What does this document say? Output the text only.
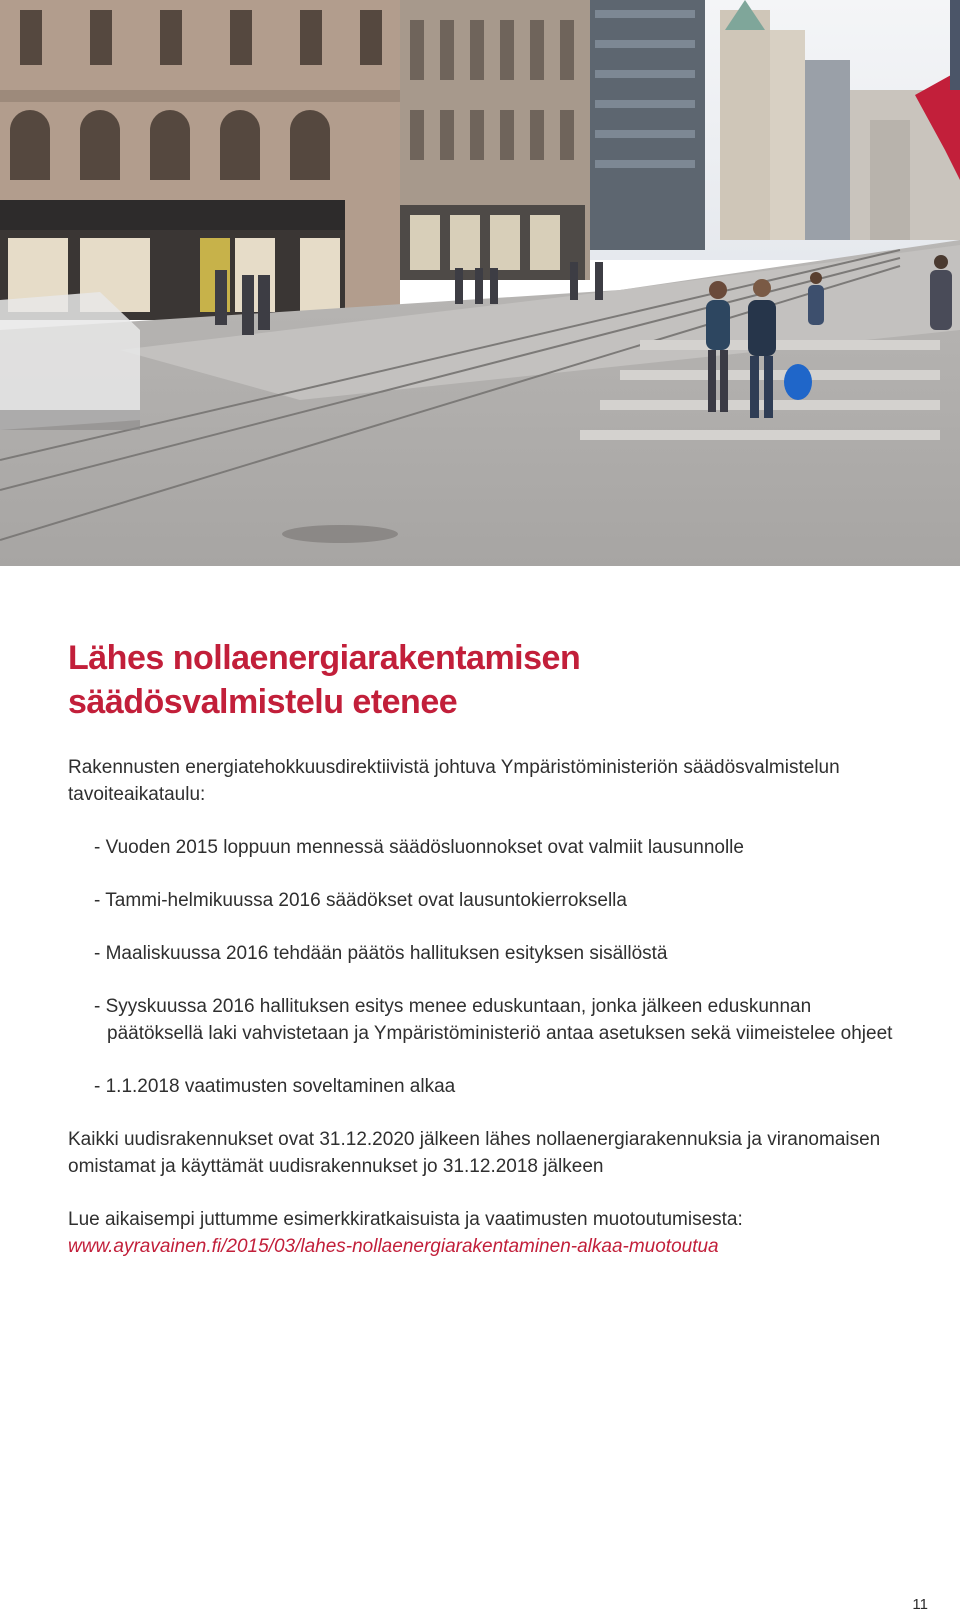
Lähes nollaenergiarakentamisen
säädösvalmistelu etenee

Rakennusten energiatehokkuusdirektiivistä johtuva Ympäristöministeriön säädösvalmistelun tavoiteaikataulu:

- Vuoden 2015 loppuun mennessä säädösluonnokset ovat valmiit lausunnolle
- Tammi-helmikuussa 2016 säädökset ovat lausuntokierroksella
- Maaliskuussa 2016 tehdään päätös hallituksen esityksen sisällöstä
- Syyskuussa 2016 hallituksen esitys menee eduskuntaan, jonka jälkeen eduskunnan päätöksellä laki vahvistetaan ja Ympäristöministeriö antaa asetuksen sekä viimeistelee ohjeet
- 1.1.2018 vaatimusten soveltaminen alkaa

Kaikki uudisrakennukset ovat 31.12.2020 jälkeen lähes nollaenergiarakennuksia ja viranomaisen omistamat ja käyttämät uudisrakennukset jo 31.12.2018 jälkeen

Lue aikaisempi juttumme esimerkkiratkaisuista ja vaatimusten muotoutumisesta:
www.ayravainen.fi/2015/03/lahes-nollaenergiarakentaminen-alkaa-muotoutua

11
